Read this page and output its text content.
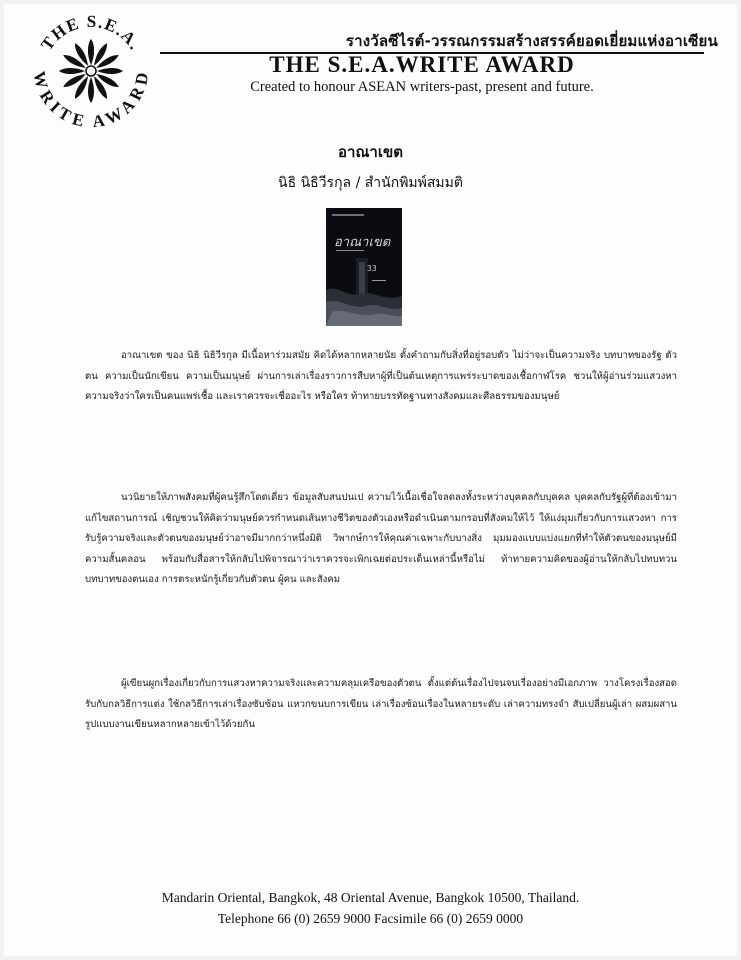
THE S.E.A.
WRITE AWARD
รางวัลซีไรต์-วรรณกรรมสร้างสรรค์ยอดเยี่ยมแห่งอาเซียน
THE S.E.A.WRITE AWARD
Created to honour ASEAN writers-past, present and future.
อาณาเขต
นิธิ นิธิวีรกุล / สำนักพิมพ์สมมติ
อาณาเขต
33
อาณาเขต ของ นิธิ นิธิวีรกุล มีเนื้อหาร่วมสมัย คิดได้หลากหลายนัย ตั้งคำถามกับสิ่งที่อยู่รอบตัว ไม่ว่าจะเป็นความจริง บทบาทของรัฐ ตัวตน ความเป็นนักเขียน ความเป็นมนุษย์ ผ่านการเล่าเรื่องราวการสืบหาผู้ที่เป็นต้นเหตุการแพร่ระบาดของเชื้อกาฬโรค ชวนให้ผู้อ่านร่วมแสวงหาความจริงว่าใครเป็นคนแพร่เชื้อ และเราควรจะเชื่ออะไร หรือใคร ท้าทายบรรทัดฐานทางสังคมและศีลธรรมของมนุษย์
นวนิยายให้ภาพสังคมที่ผู้คนรู้สึกโดดเดี่ยว ข้อมูลสับสนปนเป ความไว้เนื้อเชื่อใจลดลงทั้งระหว่างบุคคลกับบุคคล บุคคลกับรัฐผู้ที่ต้องเข้ามาแก้ไขสถานการณ์ เชิญชวนให้คิดว่ามนุษย์ควรกำหนดเส้นทางชีวิตของตัวเองหรือดำเนินตามกรอบที่สังคมให้ไว้ ให้แง่มุมเกี่ยวกับการแสวงหา การรับรู้ความจริงและตัวตนของมนุษย์ว่าอาจมีมากกว่าหนึ่งมิติ วิพากษ์การให้คุณค่าเฉพาะกับบางสิ่ง มุมมองแบบแบ่งแยกที่ทำให้ตัวตนของมนุษย์มีความสั้นคลอน พร้อมกับสื่อสารให้กลับไปพิจารณาว่าเราควรจะเพิกเฉยต่อประเด็นเหล่านี้หรือไม่ ท้าทายความคิดของผู้อ่านให้กลับไปทบทวนบทบาทของตนเอง การตระหนักรู้เกี่ยวกับตัวตน ผู้คน และสังคม
ผู้เขียนผูกเรื่องเกี่ยวกับการแสวงหาความจริงและความคลุมเครือของตัวตน ตั้งแต่ต้นเรื่องไปจนจบเรื่องอย่างมีเอกภาพ วางโครงเรื่องสอดรับกับกลวิธีการแต่ง ใช้กลวิธีการเล่าเรื่องซับซ้อน แหวกขนบการเขียน เล่าเรื่องซ้อนเรื่องในหลายระดับ เล่าความทรงจำ สับเปลี่ยนผู้เล่า ผสมผสานรูปแบบงานเขียนหลากหลายเข้าไว้ด้วยกัน
Mandarin Oriental, Bangkok, 48 Oriental Avenue, Bangkok 10500, Thailand.
Telephone 66 (0) 2659 9000 Facsimile 66 (0) 2659 0000
